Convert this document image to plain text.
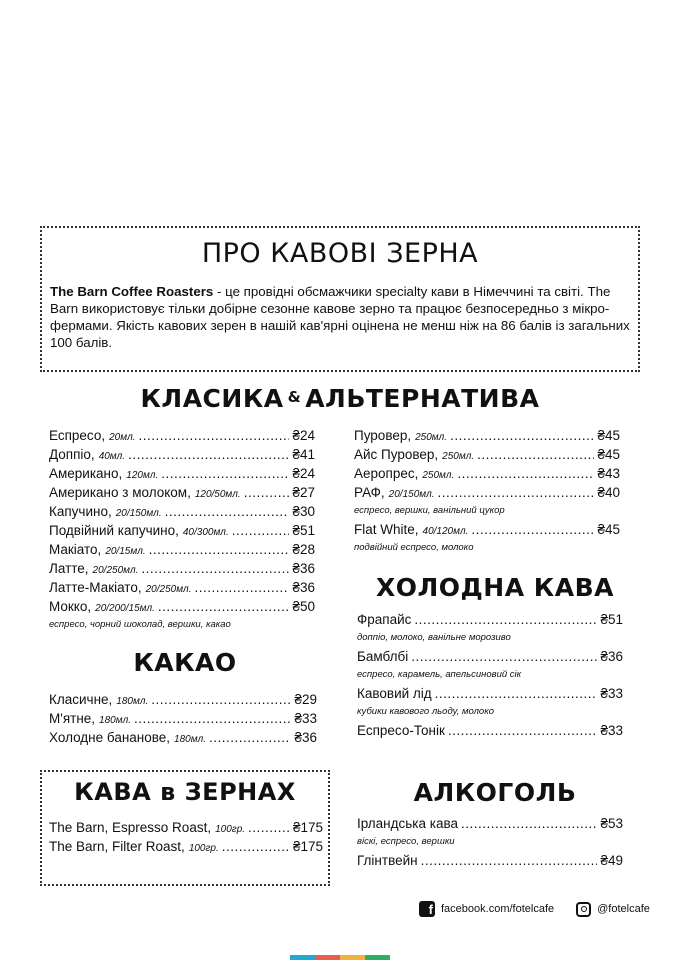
ПРО КАВОВІ ЗЕРНА

The Barn Coffee Roasters - це провідні обсмажчики specialty кави в Німеччині та світі. The Barn використовує тільки добірне сезонне кавове зерно та працює безпосередньо з мікро-фермами. Якість кавових зерен в нашій кав'ярні оцінена не менш ніж на 86 балів із загальних 100 балів.

КЛАСИКА & АЛЬТЕРНАТИВА
Еспресо, 20мл. .....	₴24
Доппіо, 40мл. .....	₴41
Американо, 120мл. .....	₴24
Американо з молоком, 120/50мл. .....	₴27
Капучино, 20/150мл. .....	₴30
Подвійний капучино, 40/300мл. .....	₴51
Макіато, 20/15мл. .....	₴28
Латте, 20/250мл. .....	₴36
Латте-Макіато, 20/250мл. .....	₴36
Мокко, 20/200/15мл. .....	₴50
еспресо, чорний шоколад, вершки, какао
Пуровер, 250мл. .....	₴45
Айс Пуровер, 250мл. .....	₴45
Аеропрес, 250мл. .....	₴43
РАФ, 20/150мл. .....	₴40
еспресо, вершки, ванільний цукор
Flat White, 40/120мл. .....	₴45
подвійний еспресо, молоко
КАКАО
Класичне, 180мл. .....	₴29
М'ятне, 180мл. .....	₴33
Холодне бананове, 180мл. .....	₴36
КАВА в ЗЕРНАХ
The Barn, Espresso Roast, 100гр. .....	₴175
The Barn, Filter Roast, 100гр. .....	₴175
ХОЛОДНА КАВА
Фрапайс .....	₴51
доппіо, молоко, ванільне морозиво
Бамблбі .....	₴36
еспресо, карамель, апельсиновий сік
Кавовий лід .....	₴33
кубики кавового льоду, молоко
Еспресо-Тонік .....	₴33
АЛКОГОЛЬ
Ірландська кава .....	₴53
віскі, еспресо, вершки
Глінтвейн .....	₴49
f facebook.com/fotelcafe	@fotelcafe
